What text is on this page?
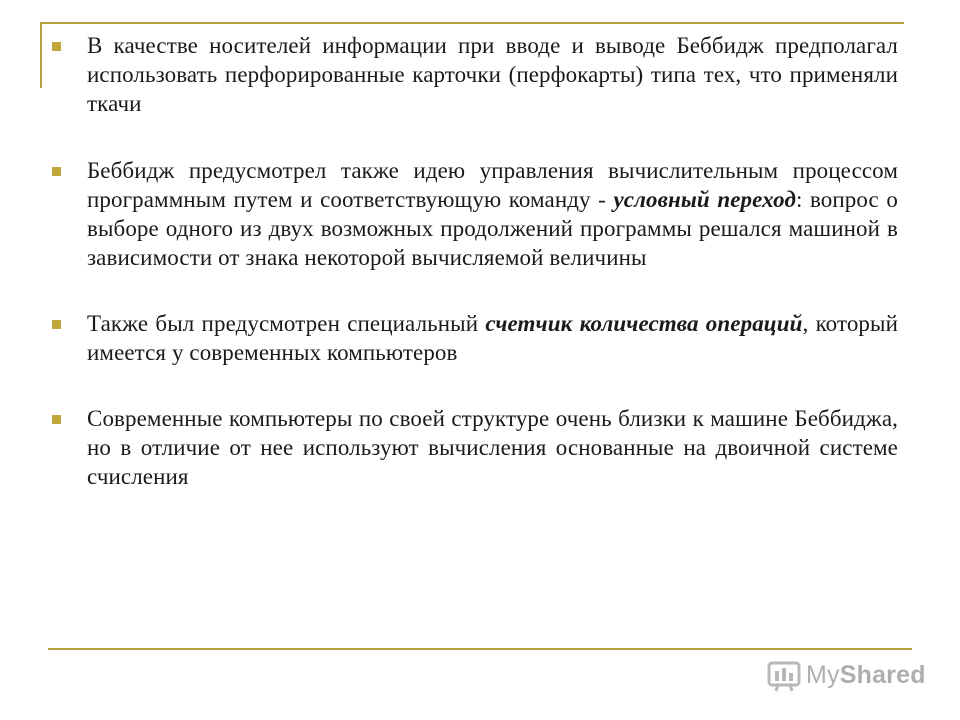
В качестве носителей информации при вводе и выводе Беббидж предполагал использовать перфорированные карточки (перфокарты) типа тех, что применяли ткачи
Беббидж предусмотрел также идею управления вычислительным процессом программным путем и соответствующую команду - условный переход: вопрос о выборе одного из двух возможных продолжений программы решался машиной в зависимости от знака некоторой вычисляемой величины
Также был предусмотрен специальный счетчик количества операций, который имеется у современных компьютеров
Современные компьютеры по своей структуре очень близки к машине Беббиджа, но в отличие от нее используют вычисления основанные на двоичной системе счисления
MyShared
